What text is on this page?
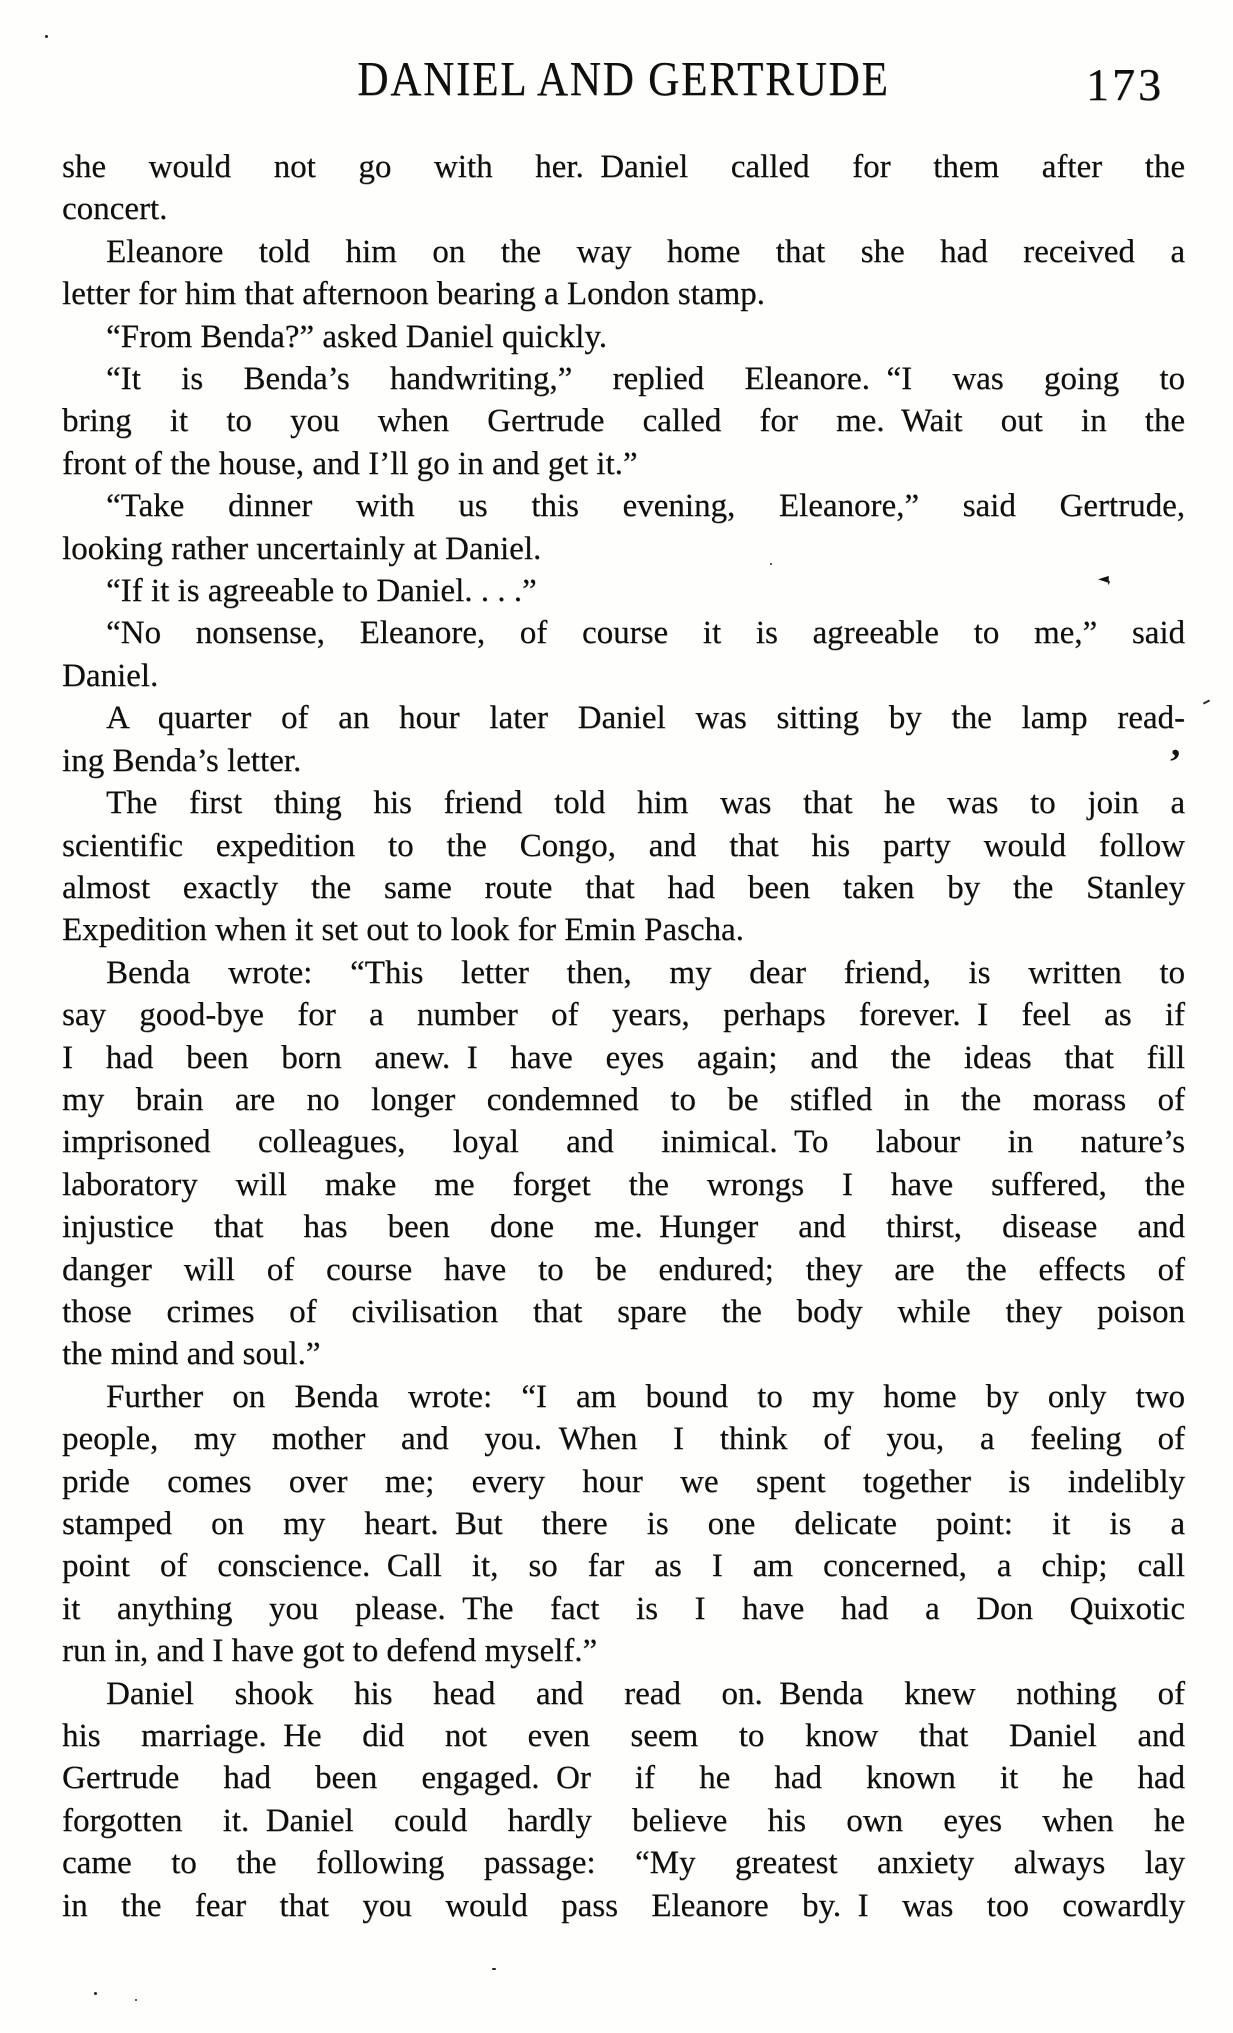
DANIEL AND GERTRUDE	173
she would not go with her. Daniel called for them after the
concert.
Eleanore told him on the way home that she had received a
letter for him that afternoon bearing a London stamp.
“From Benda?” asked Daniel quickly.
“It is Benda’s handwriting,” replied Eleanore. “I was going to
bring it to you when Gertrude called for me. Wait out in the
front of the house, and I’ll go in and get it.”
“Take dinner with us this evening, Eleanore,” said Gertrude,
looking rather uncertainly at Daniel.
“If it is agreeable to Daniel. . . .”
“No nonsense, Eleanore, of course it is agreeable to me,” said
Daniel.
A quarter of an hour later Daniel was sitting by the lamp read-
ing Benda’s letter.
The first thing his friend told him was that he was to join a
scientific expedition to the Congo, and that his party would follow
almost exactly the same route that had been taken by the Stanley
Expedition when it set out to look for Emin Pascha.
Benda wrote: “This letter then, my dear friend, is written to
say good-bye for a number of years, perhaps forever. I feel as if
I had been born anew. I have eyes again; and the ideas that fill
my brain are no longer condemned to be stifled in the morass of
imprisoned colleagues, loyal and inimical. To labour in nature’s
laboratory will make me forget the wrongs I have suffered, the
injustice that has been done me. Hunger and thirst, disease and
danger will of course have to be endured; they are the effects of
those crimes of civilisation that spare the body while they poison
the mind and soul.”
Further on Benda wrote: “I am bound to my home by only two
people, my mother and you. When I think of you, a feeling of
pride comes over me; every hour we spent together is indelibly
stamped on my heart. But there is one delicate point: it is a
point of conscience. Call it, so far as I am concerned, a chip; call
it anything you please. The fact is I have had a Don Quixotic
run in, and I have got to defend myself.”
Daniel shook his head and read on. Benda knew nothing of
his marriage. He did not even seem to know that Daniel and
Gertrude had been engaged. Or if he had known it he had
forgotten it. Daniel could hardly believe his own eyes when he
came to the following passage: “My greatest anxiety always lay
in the fear that you would pass Eleanore by. I was too cowardly
◄,
’
